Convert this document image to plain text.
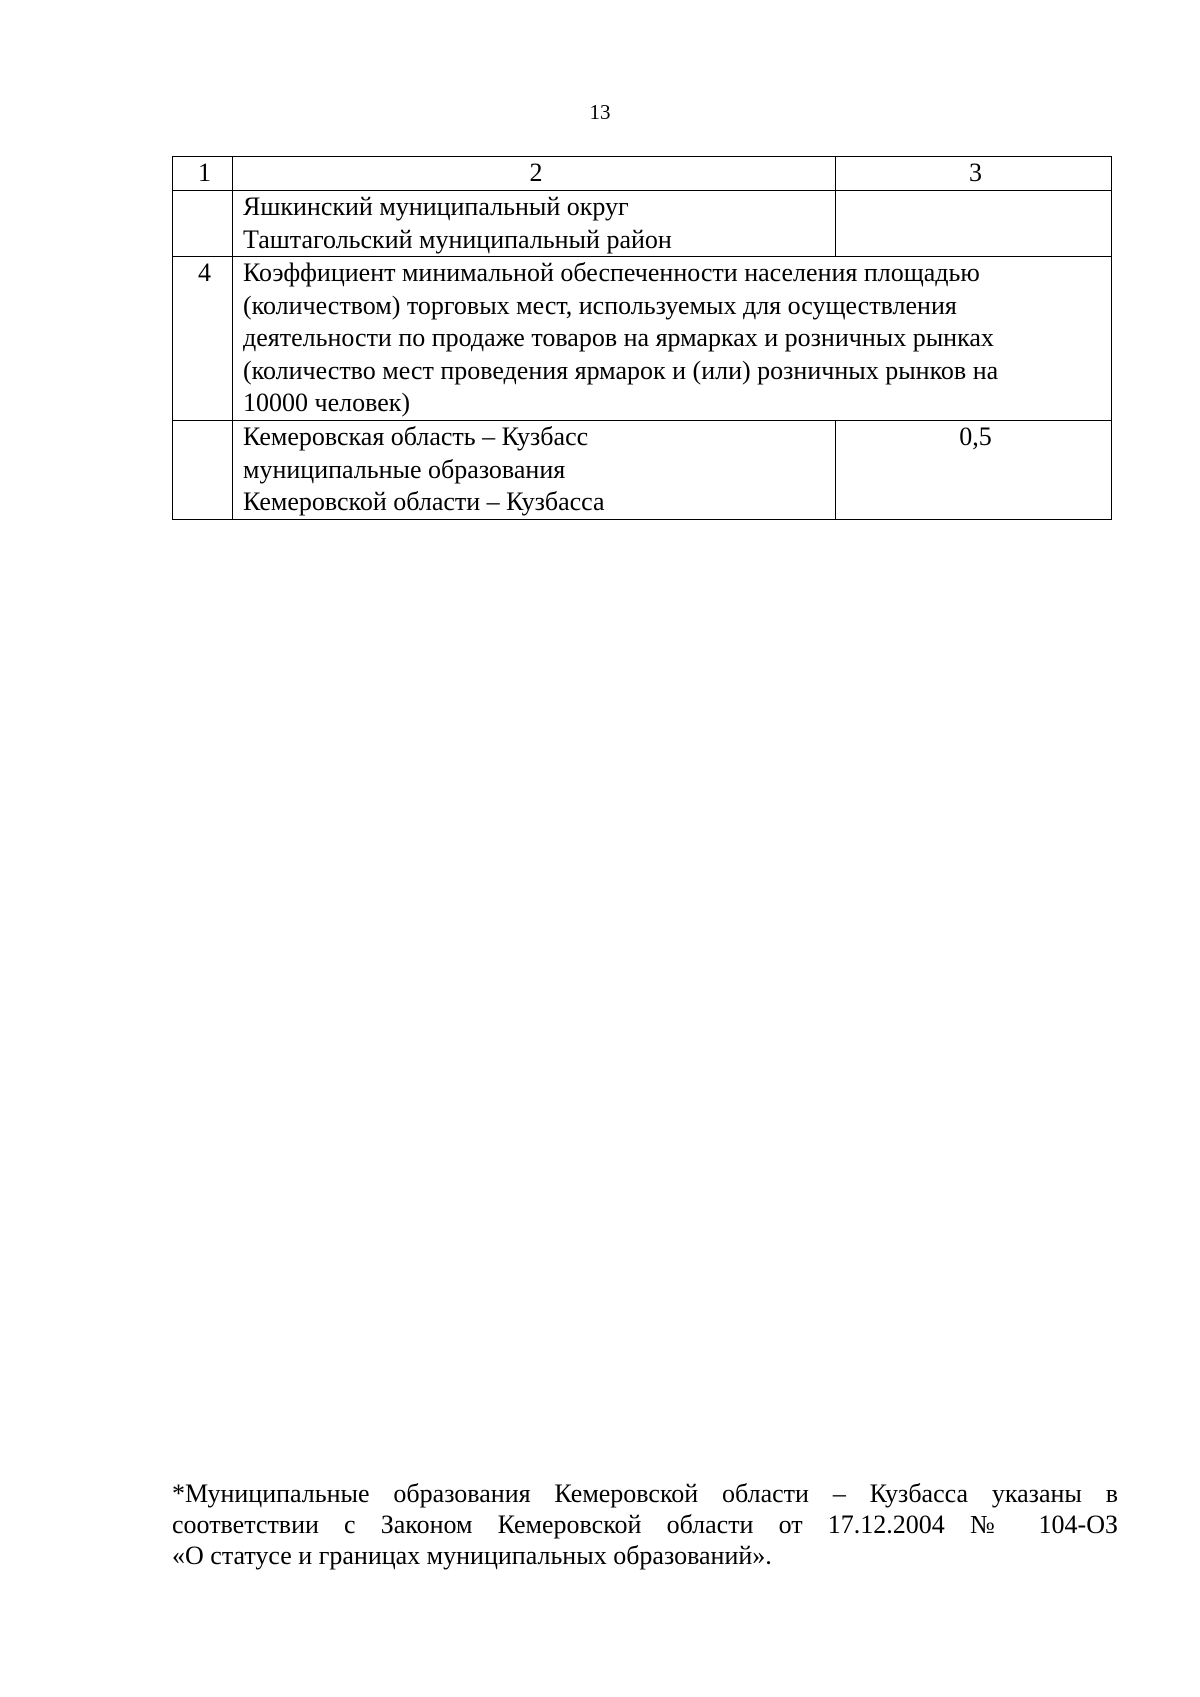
13
1	2	3

	Яшкинский муниципальный округ
Таштагольский муниципальный район	

4	Коэффициент минимальной обеспеченности населения площадью
(количеством) торговых мест, используемых для осуществления
деятельности по продаже товаров на ярмарках и розничных рынках
(количество мест проведения ярмарок и (или) розничных рынков на
10000 человек)	

	Кемеровская область – Кузбасс
муниципальные образования
Кемеровской области – Кузбасса	0,5
*Муниципальные образования Кемеровской области – Кузбасса указаны в
соответствии с Законом Кемеровской области от 17.12.2004 № 104-ОЗ
«О статусе и границах муниципальных образований».
